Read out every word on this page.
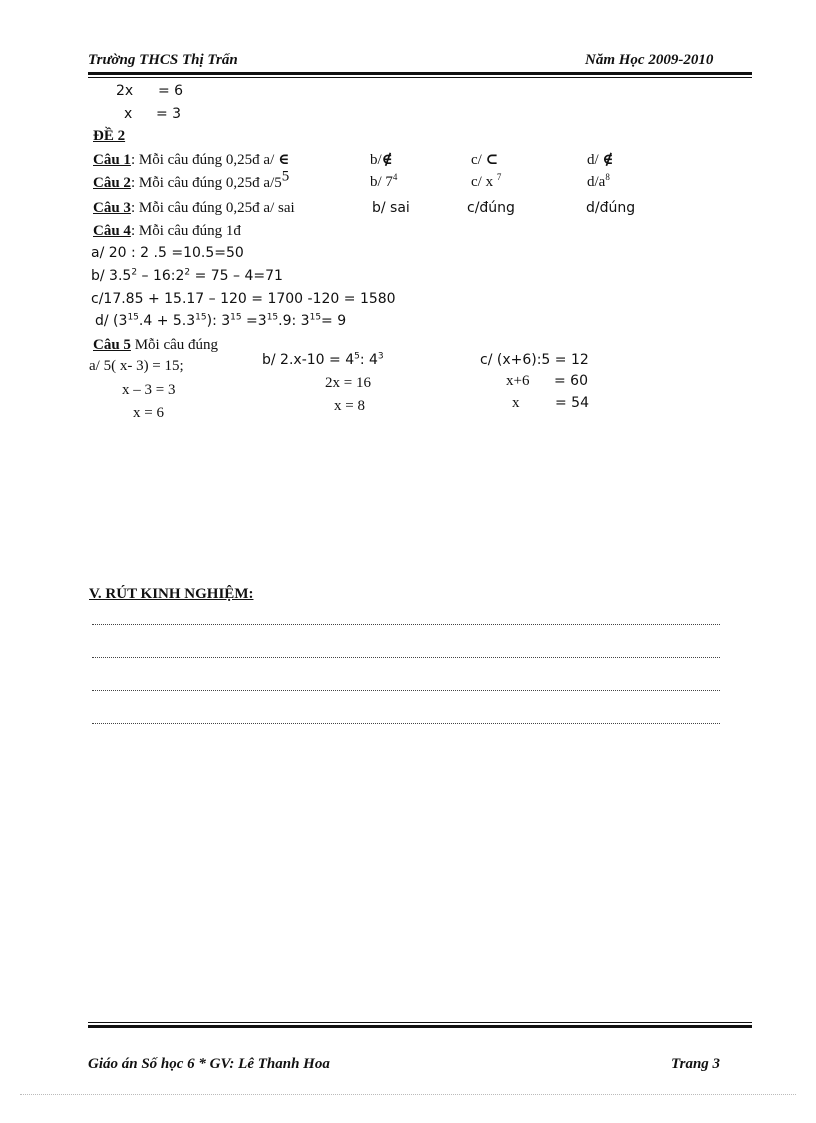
Trường THCS Thị Trấn	Năm Học 2009-2010
2x = 6
x = 3
ĐỀ 2
Câu 1: Mỗi câu đúng 0,25đ a/ ∈	b/∉	c/ ⊂	d/ ∉
Câu 2: Mỗi câu đúng 0,25đ $a/5^5$	b/ $7^4$	c/ x $^7$	$d/a^8$
Câu 3: Mỗi câu đúng 0,25đ a/ sai	b/ sai	c/đúng	d/đúng
Câu 4: Mỗi câu đúng 1đ
a/ 20 : 2 .5 =10.5=50
b/ $3.5^2$ – $16:2^2 = 75 - 4=71$
c/17.85 + 15.17 – 120 = 1700 -120 = 1580
d/ $(3^{15}.4 + 5.3^{15})$: $3^{15} =3^{15}.9$: $3^{15}= 9$
Câu 5 Mỗi câu đúng
a/ 5( x- 3) = 15;
x – 3 = 3
x = 6
b/ $2.x-10 = 4^5$: $4^3$
2x = 16
x = 8
c/ (x+6):5 = 12
x+6 = 60
x	= 54
V. RÚT KINH NGHIỆM:
Giáo án Số học 6 * GV: Lê Thanh Hoa	Trang 3
